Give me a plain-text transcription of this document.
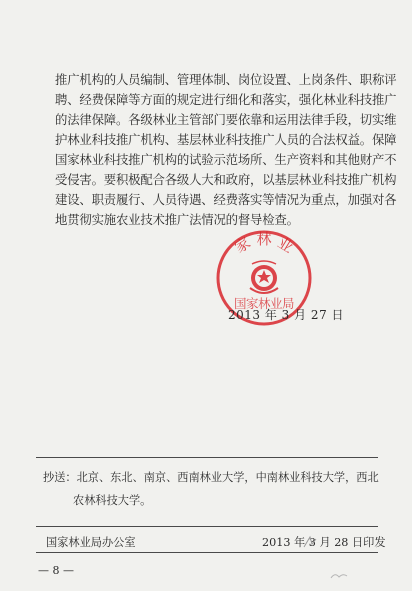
推广机构的人员编制、管理体制、岗位设置、上岗条件、职称评
聘、经费保障等方面的规定进行细化和落实，强化林业科技推广
的法律保障。各级林业主管部门要依靠和运用法律手段，切实维
护林业科技推广机构、基层林业科技推广人员的合法权益。保障
国家林业科技推广机构的试验示范场所、生产资料和其他财产不
受侵害。要积极配合各级人大和政府，以基层林业科技推广机构
建设、职责履行、人员待遇、经费落实等情况为重点，加强对各
地贯彻实施农业技术推广法情况的督导检查。
家 林 业
国家林业局
2013 年 3 月 27 日
抄送：北京、东北、南京、西南林业大学，中南林业科技大学，西北
农林科技大学。
国家林业局办公室	2013 年 3 月 28 日印发
— 8 —
